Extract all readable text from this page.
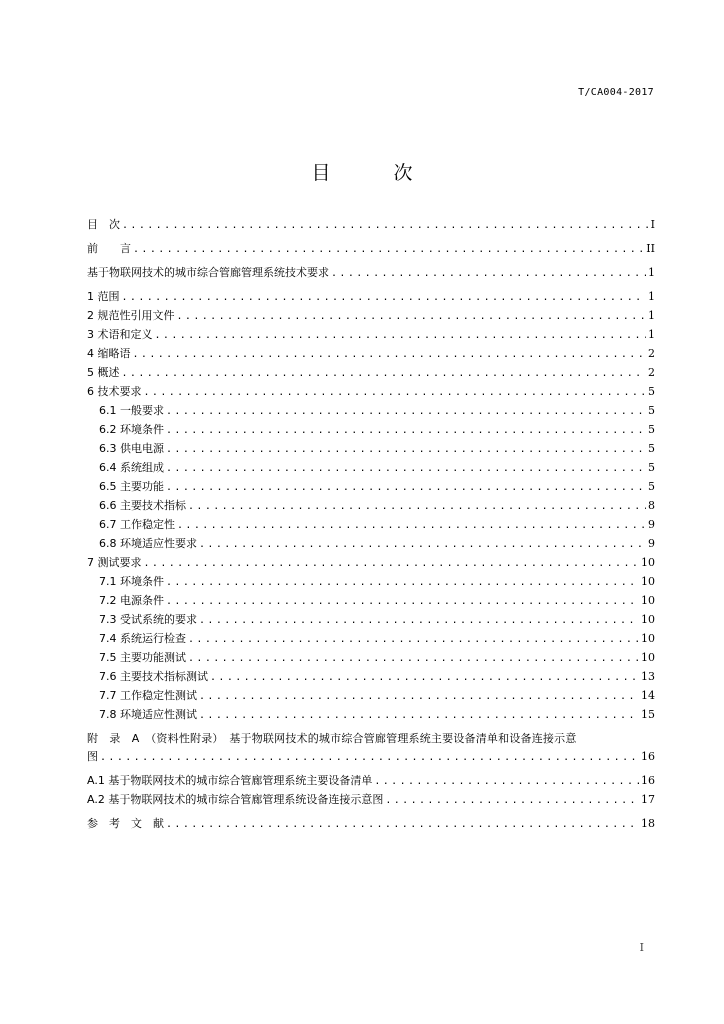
T/CA004-2017
目　次
目　次 .....	I
前　　言 .....	II
基于物联网技术的城市综合管廊管理系统技术要求 .....	1
1 范围 .....	1
2 规范性引用文件 .....	1
3 术语和定义 .....	1
4 缩略语 .....	2
5 概述 .....	2
6 技术要求 .....	5
6.1 一般要求 .....	5
6.2 环境条件 .....	5
6.3 供电电源 .....	5
6.4 系统组成 .....	5
6.5 主要功能 .....	5
6.6 主要技术指标 .....	8
6.7 工作稳定性 .....	9
6.8 环境适应性要求 .....	9
7 测试要求 .....	10
7.1 环境条件 .....	10
7.2 电源条件 .....	10
7.3 受试系统的要求 .....	10
7.4 系统运行检查 .....	10
7.5 主要功能测试 .....	10
7.6 主要技术指标测试 .....	13
7.7 工作稳定性测试 .....	14
7.8 环境适应性测试 .....	15
附　录　A　（资料性附录）　基于物联网技术的城市综合管廊管理系统主要设备清单和设备连接示意
图 .....	16
A.1 基于物联网技术的城市综合管廊管理系统主要设备清单 .....	16
A.2 基于物联网技术的城市综合管廊管理系统设备连接示意图 .....	17
参　考　文　献 .....	18
I
